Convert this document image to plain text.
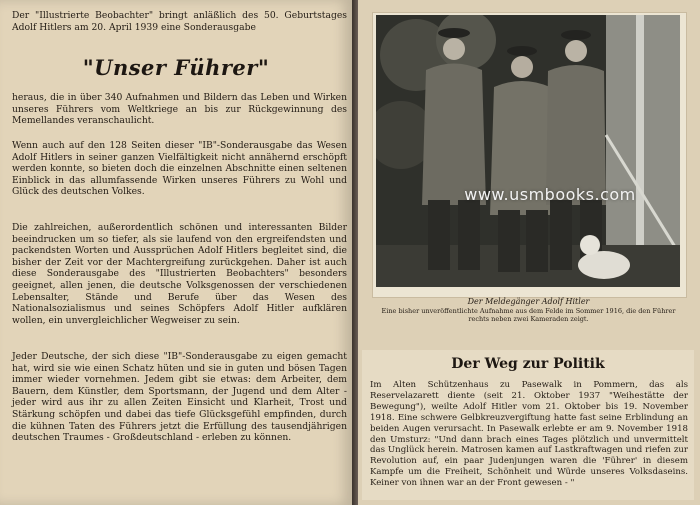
Der "Illustrierte Beobachter" bringt anläßlich des 50. Geburtstages Adolf Hitlers am 20. April 1939 eine Sonderausgabe

"Unser Führer"

heraus, die in über 340 Aufnahmen und Bildern das Leben und Wirken unseres Führers vom Weltkriege an bis zur Rückgewinnung des Memellandes veranschaulicht.

Wenn auch auf den 128 Seiten dieser "IB"-Sonderausgabe das Wesen Adolf Hitlers in seiner ganzen Vielfältigkeit nicht annähernd erschöpft werden konnte, so bieten doch die einzelnen Abschnitte einen seltenen Einblick in das allumfassende Wirken unseres Führers zu Wohl und Glück des deutschen Volkes.

Die zahlreichen, außerordentlich schönen und interessanten Bilder beeindrucken um so tiefer, als sie laufend von den ergreifendsten und packendsten Worten und Aussprüchen Adolf Hitlers begleitet sind, die bisher der Zeit vor der Machtergreifung zurückgehen. Daher ist auch diese Sonderausgabe des "Illustrierten Beobachters" besonders geeignet, allen jenen, die deutsche Volksgenossen der verschiedenen Lebensalter, Stände und Berufe über das Wesen des Nationalsozialismus und seines Schöpfers Adolf Hitler aufklären wollen, ein unvergleichlicher Wegweiser zu sein.

Jeder Deutsche, der sich diese "IB"-Sonderausgabe zu eigen gemacht hat, wird sie wie einen Schatz hüten und sie in guten und bösen Tagen immer wieder vornehmen. Jedem gibt sie etwas: dem Arbeiter, dem Bauern, dem Künstler, dem Sportsmann, der Jugend und dem Alter - jeder wird aus ihr zu allen Zeiten Einsicht und Klarheit, Trost und Stärkung schöpfen und dabei das tiefe Glücksgefühl empfinden, durch die kühnen Taten des Führers jetzt die Erfüllung des tausendjährigen deutschen Traumes - Großdeutschland - erleben zu können.

www.usmbooks.com
Der Meldegänger Adolf Hitler
Eine bisher unveröffentlichte Aufnahme aus dem Felde im Sommer 1916, die den Führer rechts neben zwei Kameraden zeigt.
Der Weg zur Politik

Im Alten Schützenhaus zu Pasewalk in Pommern, das als Reservelazarett diente (seit 21. Oktober 1937 "Weihestätte der Bewegung"), weilte Adolf Hitler vom 21. Oktober bis 19. November 1918. Eine schwere Gelbkreuzvergiftung hatte fast seine Erblindung an beiden Augen verursacht. In Pasewalk erlebte er am 9. November 1918 den Umsturz: "Und dann brach eines Tages plötzlich und unvermittelt das Unglück herein. Matrosen kamen auf Lastkraftwagen und riefen zur Revolution auf, ein paar Judenjungen waren die 'Führer' in diesem Kampfe um die Freiheit, Schönheit und Würde unseres Volksdaseins. Keiner von ihnen war an der Front gewesen - "
